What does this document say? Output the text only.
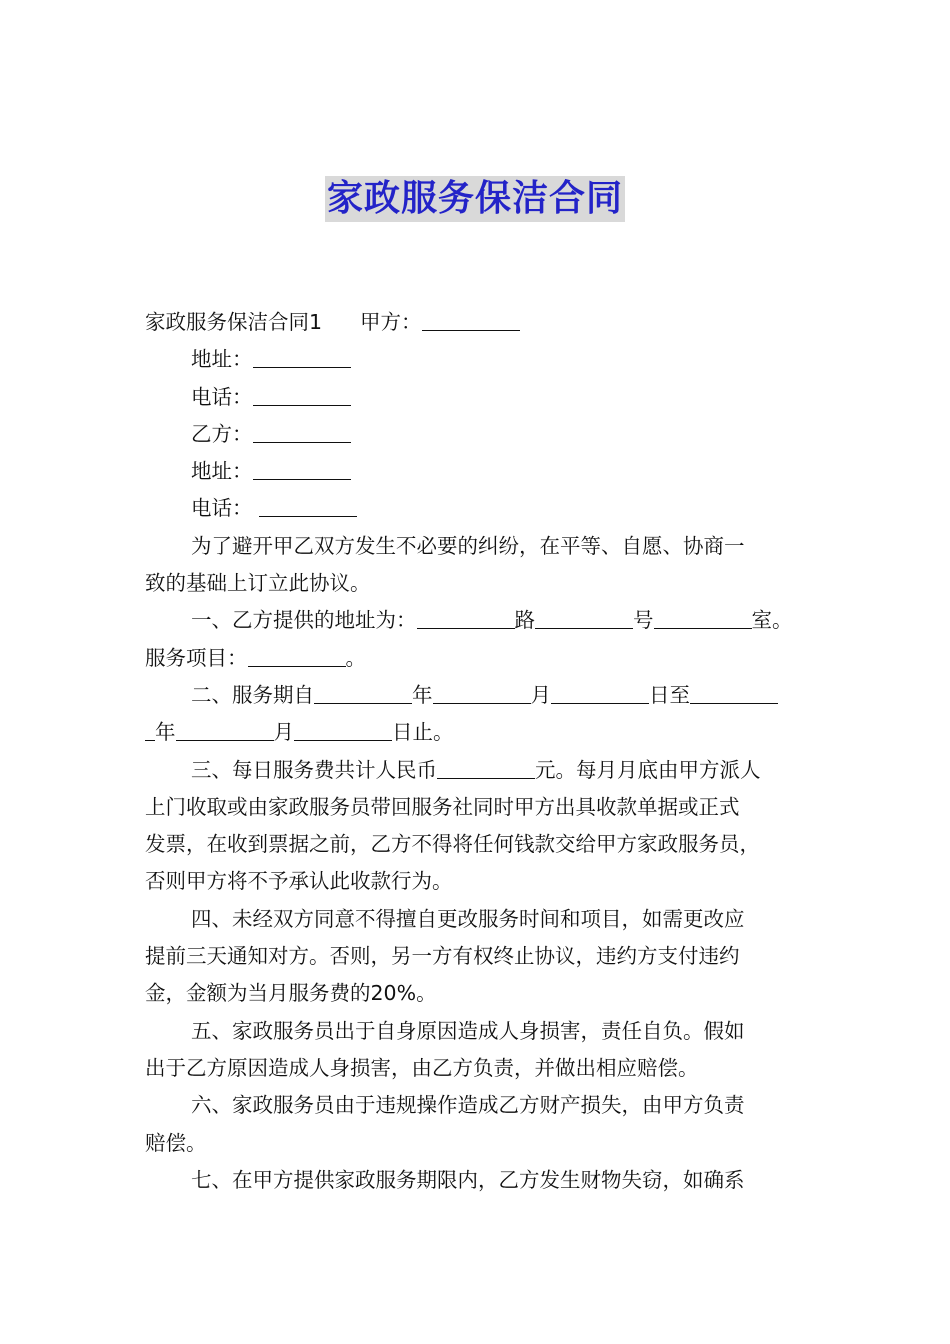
家政服务保洁合同
家政服务保洁合同1 甲方：
地址：
电话：
乙方：
地址：
电话：
为了避开甲乙双方发生不必要的纠纷，在平等、自愿、协商一
致的基础上订立此协议。
一、乙方提供的地址为：	路	号	室。
服务项目：	。
二、服务期自	年	月	日至
年	月	日止。
三、每日服务费共计人民币	元。每月月底由甲方派人
上门收取或由家政服务员带回服务社同时甲方出具收款单据或正式
发票，在收到票据之前，乙方不得将任何钱款交给甲方家政服务员，
否则甲方将不予承认此收款行为。
四、未经双方同意不得擅自更改服务时间和项目，如需更改应
提前三天通知对方。否则，另一方有权终止协议，违约方支付违约
金，金额为当月服务费的20%。
五、家政服务员出于自身原因造成人身损害，责任自负。假如
出于乙方原因造成人身损害，由乙方负责，并做出相应赔偿。
六、家政服务员由于违规操作造成乙方财产损失，由甲方负责
赔偿。
七、在甲方提供家政服务期限内，乙方发生财物失窃，如确系
